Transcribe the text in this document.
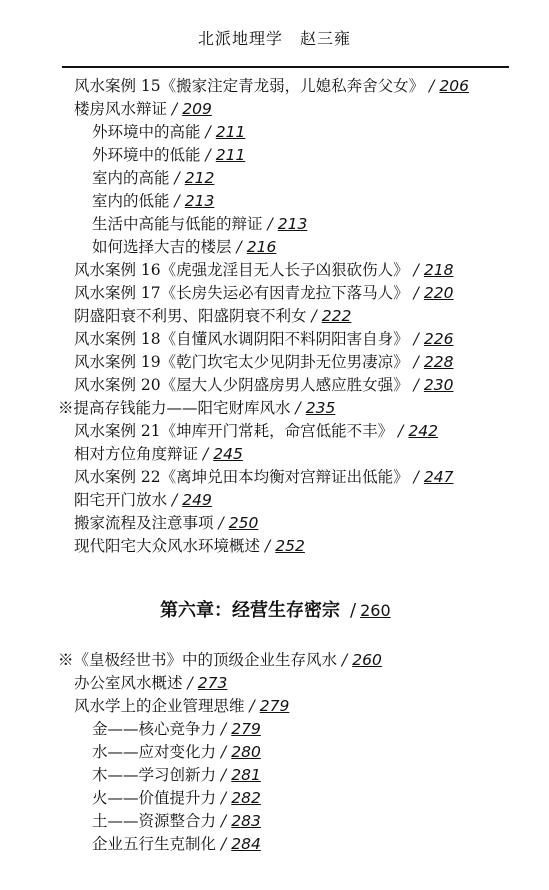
北派地理学　赵三雍
风水案例 15《搬家注定青龙弱，儿媳私奔舍父女》 / 206
楼房风水辩证 / 209
外环境中的高能 / 211
外环境中的低能 / 211
室内的高能 / 212
室内的低能 / 213
生活中高能与低能的辩证 / 213
如何选择大吉的楼层 / 216
风水案例 16《虎强龙淫目无人长子凶狠砍伤人》 / 218
风水案例 17《长房失运必有因青龙拉下落马人》 / 220
阴盛阳衰不利男、阳盛阴衰不利女 / 222
风水案例 18《自懂风水调阴阳不料阴阳害自身》 / 226
风水案例 19《乾门坎宅太少见阴卦无位男凄凉》 / 228
风水案例 20《屋大人少阴盛房男人感应胜女强》 / 230
※提高存钱能力——阳宅财库风水 / 235
风水案例 21《坤库开门常耗，命宫低能不丰》 / 242
相对方位角度辩证 / 245
风水案例 22《离坤兑田本均衡对宫辩证出低能》 / 247
阳宅开门放水 / 249
搬家流程及注意事项 / 250
现代阳宅大众风水环境概述 / 252
第六章：经营生存密宗 / 260
※《皇极经世书》中的顶级企业生存风水 / 260
办公室风水概述 / 273
风水学上的企业管理思维 / 279
金——核心竞争力 / 279
水——应对变化力 / 280
木——学习创新力 / 281
火——价值提升力 / 282
土——资源整合力 / 283
企业五行生克制化 / 284
